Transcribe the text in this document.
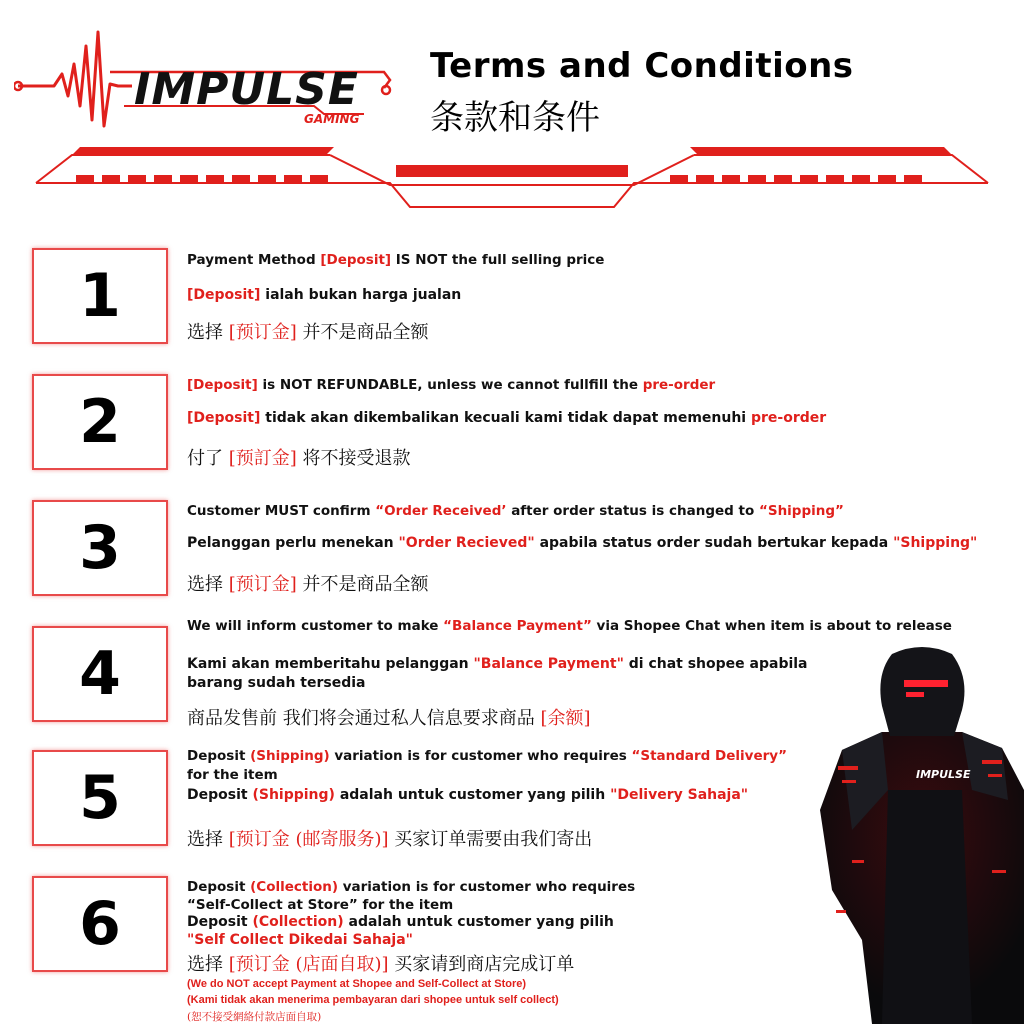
IMPULSE
GAMING
Terms and Conditions
条款和条件
1
2
3
4
5
6
Payment Method [Deposit] IS NOT the full selling price
[Deposit] ialah bukan harga jualan
选择 [预订金] 并不是商品全额
[Deposit] is NOT REFUNDABLE, unless we cannot fullfill the pre-order
[Deposit] tidak akan dikembalikan kecuali kami tidak dapat memenuhi pre-order
付了 [预訂金] 将不接受退款
Customer MUST confirm “Order Received’ after order status is changed to “Shipping”
Pelanggan perlu menekan "Order Recieved" apabila status order sudah bertukar kepada "Shipping"
选择 [预订金] 并不是商品全额
We will inform customer to make “Balance Payment” via Shopee Chat when item is about to release
Kami akan memberitahu pelanggan "Balance Payment" di chat shopee apabila
barang sudah tersedia
商品发售前 我们将会通过私人信息要求商品 [余额]
Deposit (Shipping) variation is for customer who requires “Standard Delivery”
for the item
Deposit (Shipping) adalah untuk customer yang pilih "Delivery Sahaja"
选择 [预订金 (邮寄服务)] 买家订单需要由我们寄出
Deposit (Collection) variation is for customer who requires
“Self-Collect at Store” for the item
Deposit (Collection) adalah untuk customer yang pilih
"Self Collect Dikedai Sahaja"
选择 [预订金 (店面自取)] 买家请到商店完成订单
(We do NOT accept Payment at Shopee and Self-Collect at Store)
(Kami tidak akan menerima pembayaran dari shopee untuk self collect)
(恕不接受網絡付款店面自取)
IMPULSE
